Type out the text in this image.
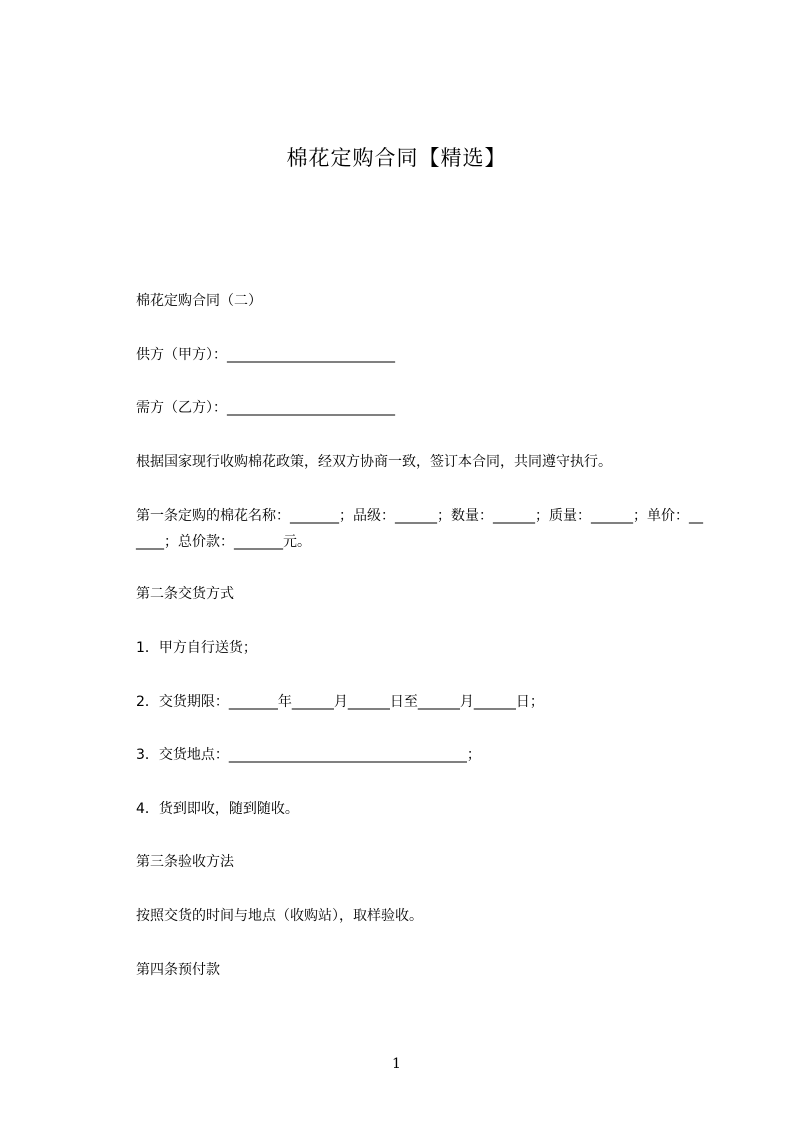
棉花定购合同【精选】
棉花定购合同（二）
供方（甲方）：________________________
需方（乙方）：________________________
根据国家现行收购棉花政策，经双方协商一致，签订本合同，共同遵守执行。
第一条定购的棉花名称：_______；品级：______；数量：______；质量：______；单价：______；总价款：_______元。
第二条交货方式
1．甲方自行送货；
2．交货期限：_______年______月______日至______月______日；
3．交货地点：__________________________________；
4．货到即收，随到随收。
第三条验收方法
按照交货的时间与地点（收购站），取样验收。
第四条预付款
1
